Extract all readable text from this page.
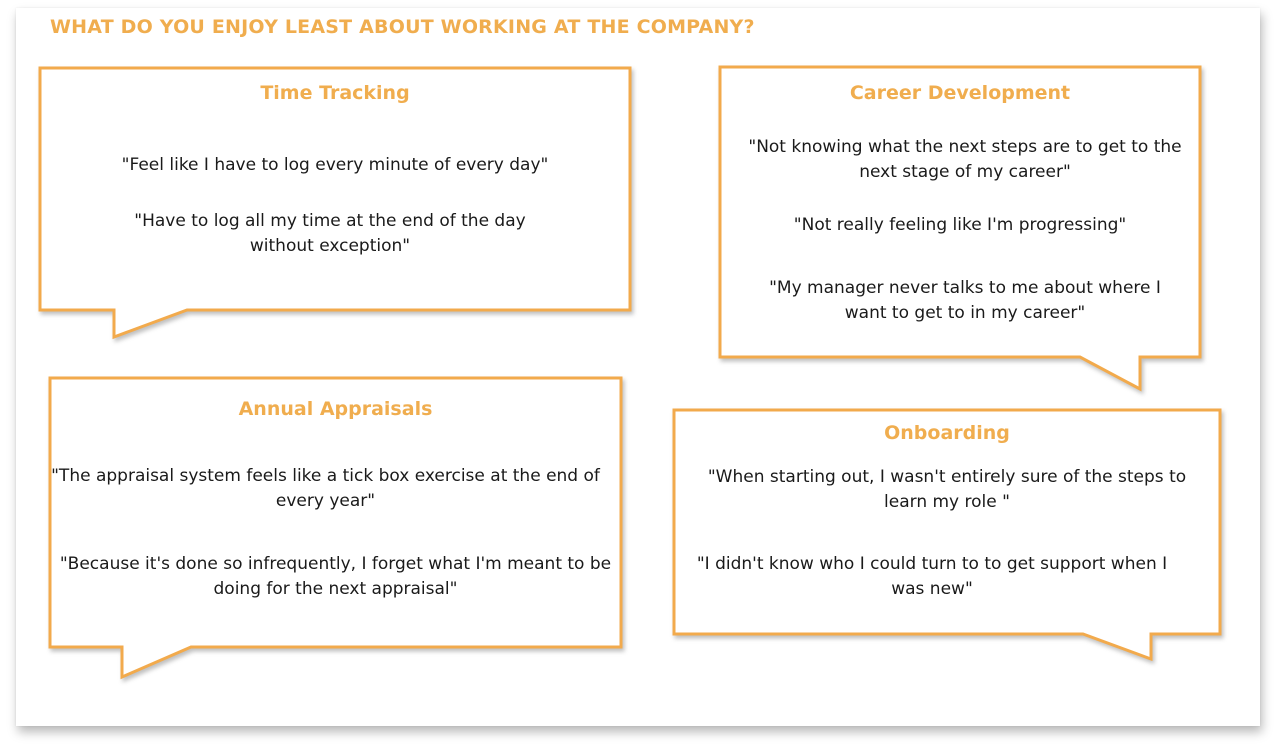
WHAT DO YOU ENJOY LEAST ABOUT WORKING AT THE COMPANY?
Time Tracking
"Feel like I have to log every minute of every day"
"Have to log all my time at the end of the day without exception"
Career Development
"Not knowing what the next steps are to get to the next stage of my career"
"Not really feeling like I'm progressing"
"My manager never talks to me about where I want to get to in my career"
Annual Appraisals
"The appraisal system feels like a tick box exercise at the end of every year"
"Because it's done so infrequently, I forget what I'm meant to be doing for the next appraisal"
Onboarding
"When starting out, I wasn't entirely sure of the steps to learn my role "
"I didn't know who I could turn to to get support when I was new"
